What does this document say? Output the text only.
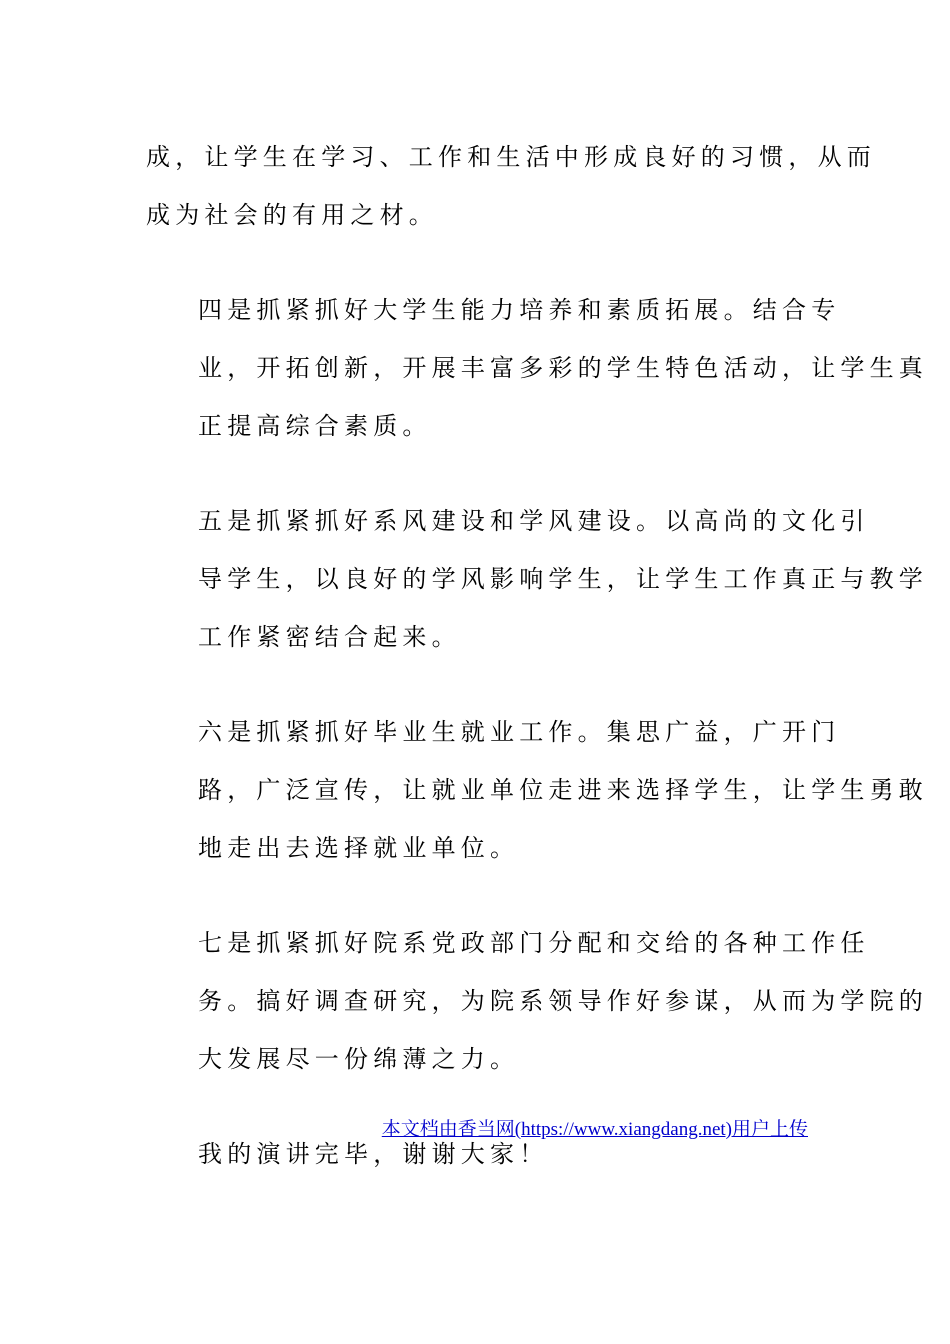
成，让学生在学习、工作和生活中形成良好的习惯，从而
成为社会的有用之材。

四是抓紧抓好大学生能力培养和素质拓展。结合专
业，开拓创新，开展丰富多彩的学生特色活动，让学生真
正提高综合素质。

五是抓紧抓好系风建设和学风建设。以高尚的文化引
导学生，以良好的学风影响学生，让学生工作真正与教学
工作紧密结合起来。

六是抓紧抓好毕业生就业工作。集思广益，广开门
路，广泛宣传，让就业单位走进来选择学生，让学生勇敢
地走出去选择就业单位。

七是抓紧抓好院系党政部门分配和交给的各种工作任
务。搞好调查研究，为院系领导作好参谋，从而为学院的
大发展尽一份绵薄之力。

我的演讲完毕，谢谢大家！

本文档由香当网(https://www.xiangdang.net)用户上传
